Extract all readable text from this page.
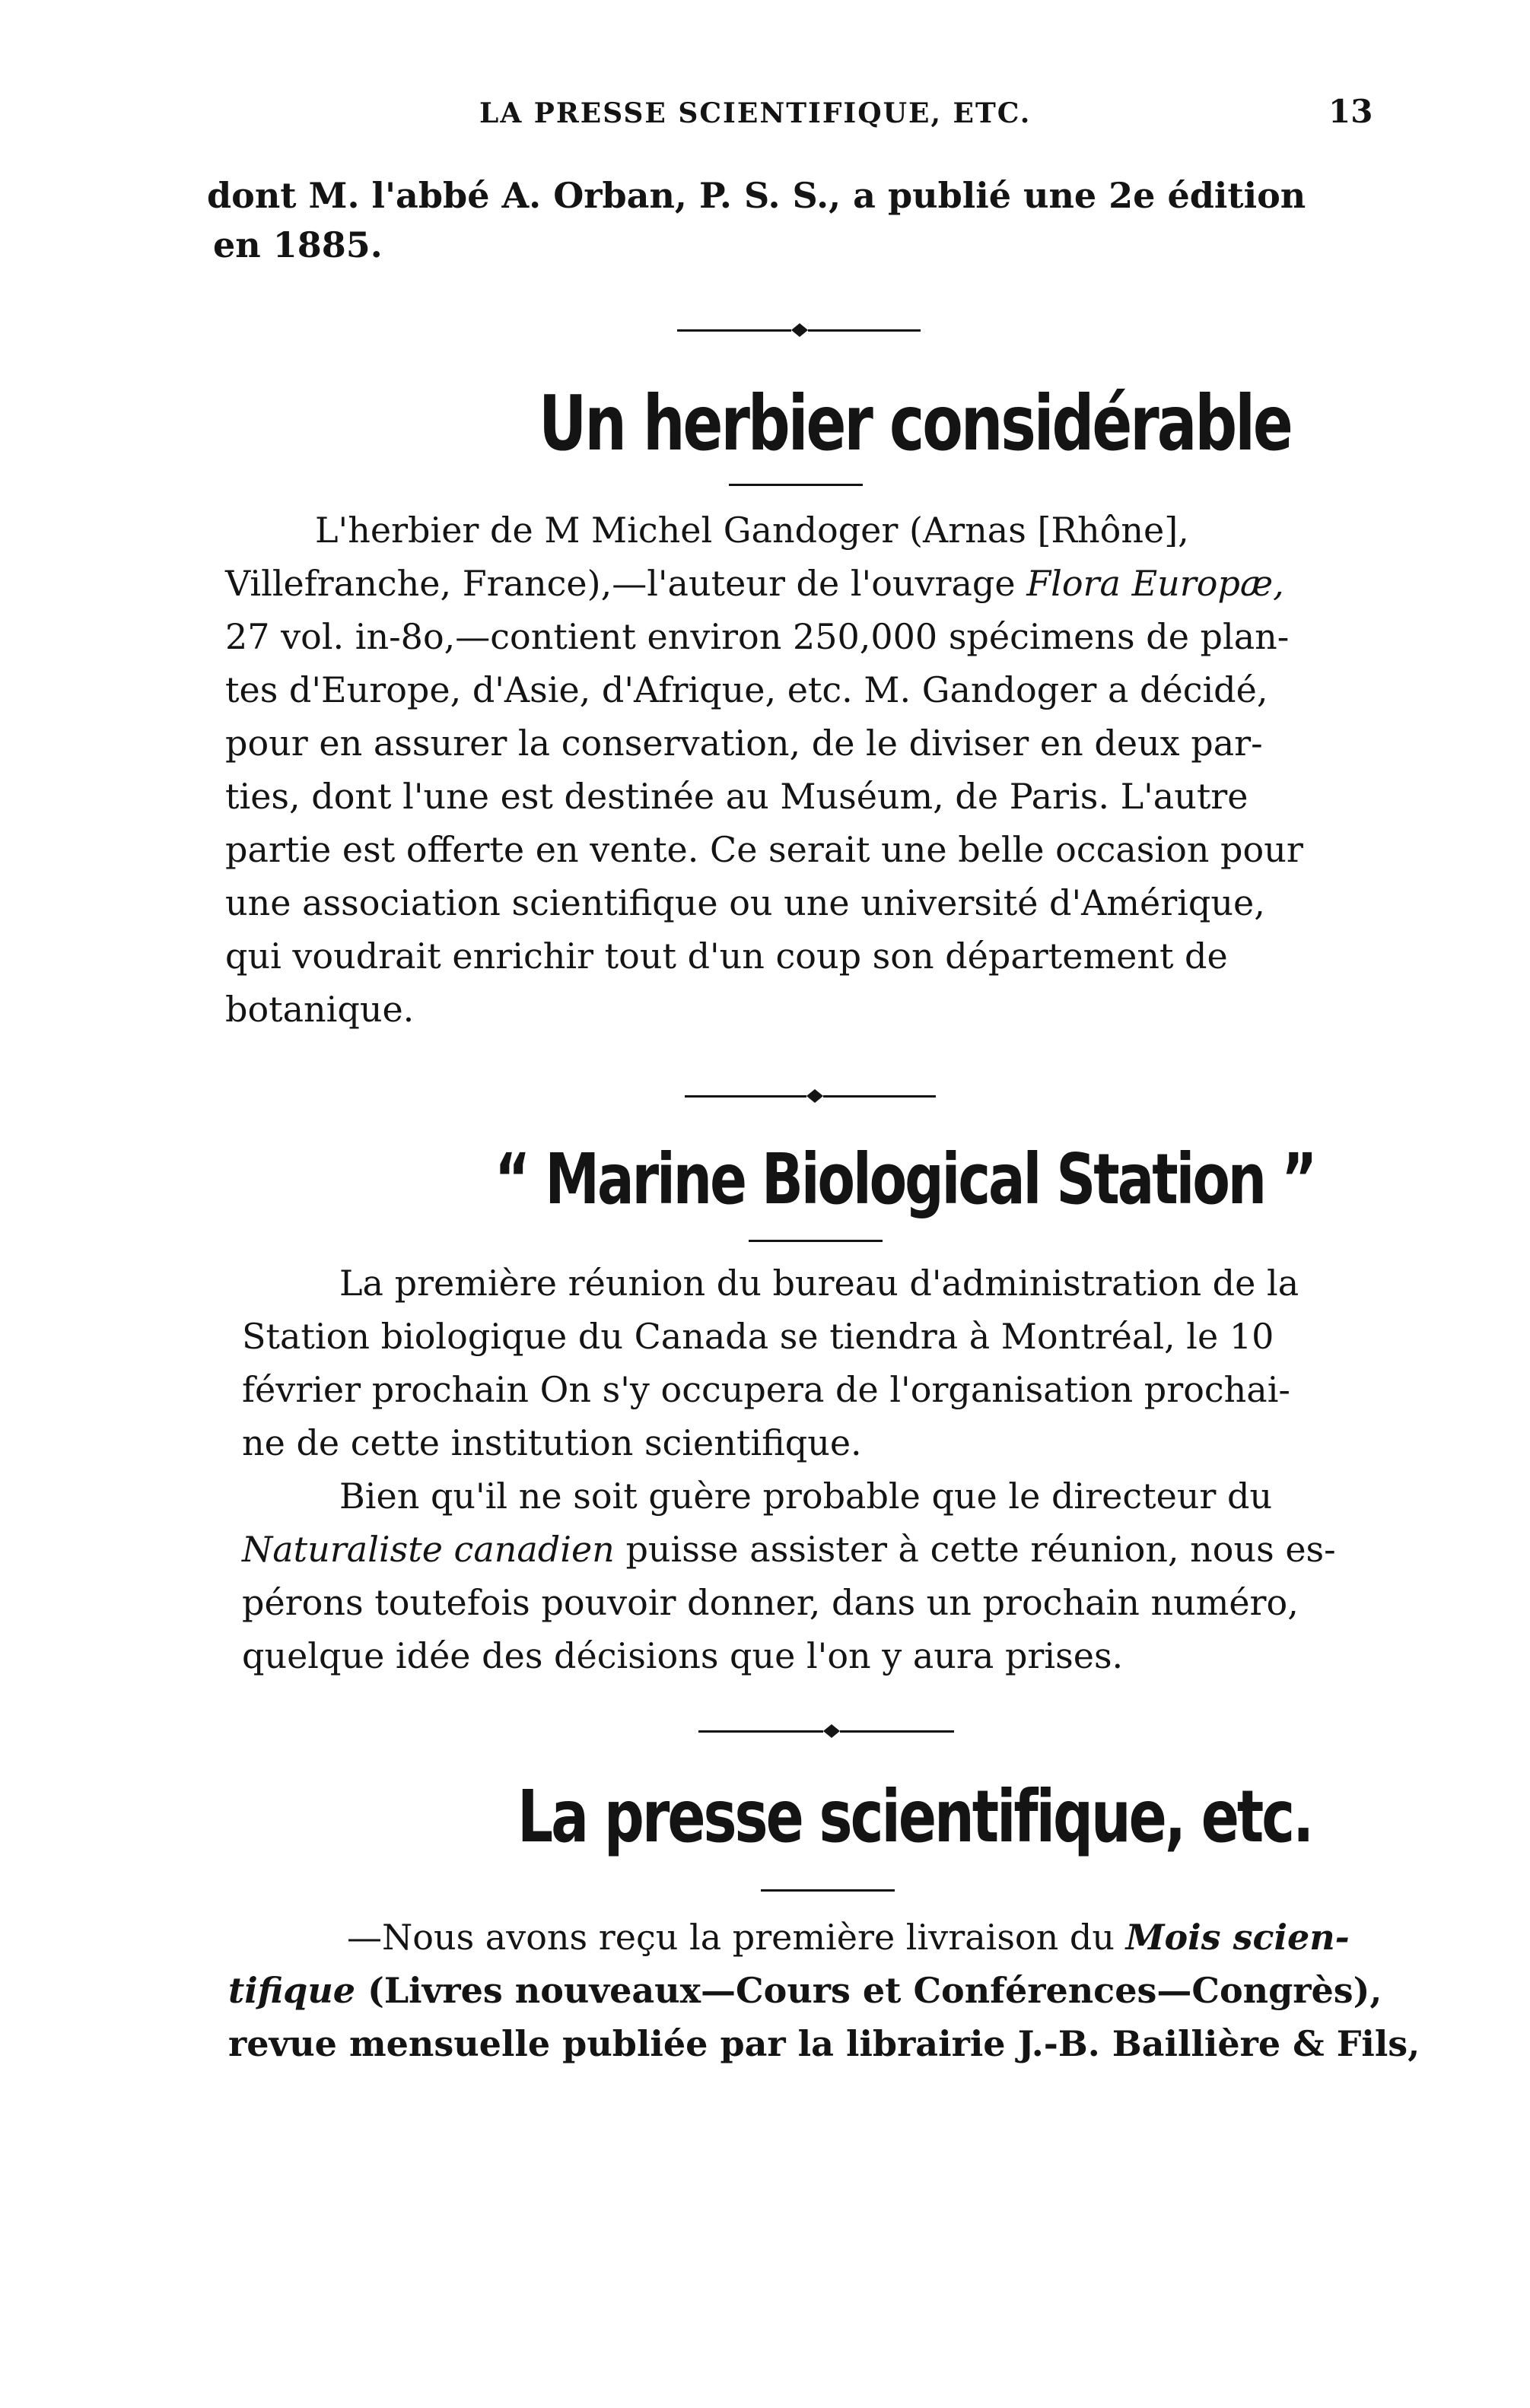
LA PRESSE SCIENTIFIQUE, ETC.	13
dont M. l'abbé A. Orban, P. S. S., a publié une 2e édition
en 1885.
Un herbier considérable
L'herbier de M Michel Gandoger (Arnas [Rhône],
Villefranche, France),—l'auteur de l'ouvrage Flora Europæ,
27 vol. in-8o,—contient environ 250,000 spécimens de plan-
tes d'Europe, d'Asie, d'Afrique, etc. M. Gandoger a décidé,
pour en assurer la conservation, de le diviser en deux par-
ties, dont l'une est destinée au Muséum, de Paris. L'autre
partie est offerte en vente. Ce serait une belle occasion pour
une association scientifique ou une université d'Amérique,
qui voudrait enrichir tout d'un coup son département de
botanique.
“ Marine Biological Station ”
La première réunion du bureau d'administration de la
Station biologique du Canada se tiendra à Montréal, le 10
février prochain On s'y occupera de l'organisation prochai-
ne de cette institution scientifique.
Bien qu'il ne soit guère probable que le directeur du
Naturaliste canadien puisse assister à cette réunion, nous es-
pérons toutefois pouvoir donner, dans un prochain numéro,
quelque idée des décisions que l'on y aura prises.
La presse scientifique, etc.
—Nous avons reçu la première livraison du Mois scien-
tifique (Livres nouveaux—Cours et Conférences—Congrès),
revue mensuelle publiée par la librairie J.-B. Baillière & Fils,
